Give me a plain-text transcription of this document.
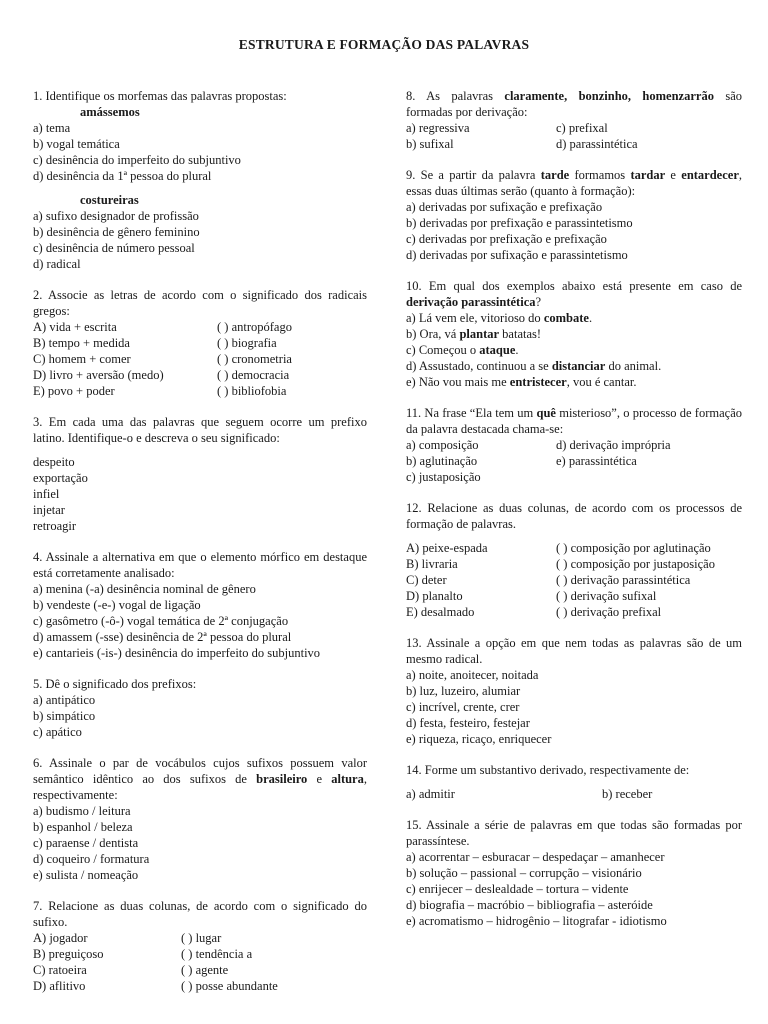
ESTRUTURA E FORMAÇÃO DAS PALAVRAS
1. Identifique os morfemas das palavras propostas:
amássemos
a) tema
b) vogal temática
c) desinência do imperfeito do subjuntivo
d) desinência da 1ª pessoa do plural
costureiras
a) sufixo designador de profissão
b) desinência de gênero feminino
c) desinência de número pessoal
d) radical
2. Associe as letras de acordo com o significado dos radicais gregos:
A) vida + escrita	( ) antropófago
B) tempo + medida	( ) biografia
C) homem + comer	( ) cronometria
D) livro + aversão (medo)	( ) democracia
E) povo + poder	( ) bibliofobia
3. Em cada uma das palavras que seguem ocorre um prefixo latino. Identifique-o e descreva o seu significado:
despeito
exportação
infiel
injetar
retroagir
4. Assinale a alternativa em que o elemento mórfico em destaque está corretamente analisado:
a) menina (-a) desinência nominal de gênero
b) vendeste (-e-) vogal de ligação
c) gasômetro (-ô-) vogal temática de 2ª conjugação
d) amassem (-sse) desinência de 2ª pessoa do plural
e) cantarieis (-is-) desinência do imperfeito do subjuntivo
5. Dê o significado dos prefixos:
a) antipático
b) simpático
c) apático
6. Assinale o par de vocábulos cujos sufixos possuem valor semântico idêntico ao dos sufixos de brasileiro e altura, respectivamente:
a) budismo / leitura
b) espanhol / beleza
c) paraense / dentista
d) coqueiro / formatura
e) sulista / nomeação
7. Relacione as duas colunas, de acordo com o significado do sufixo.
A) jogador	( ) lugar
B) preguiçoso	( ) tendência a
C) ratoeira	( ) agente
D) aflitivo	( ) posse abundante
8. As palavras claramente, bonzinho, homenzarrão são formadas por derivação:
a) regressiva	c) prefixal
b) sufixal	d) parassintética
9. Se a partir da palavra tarde formamos tardar e entardecer, essas duas últimas serão (quanto à formação):
a) derivadas por sufixação e prefixação
b) derivadas por prefixação e parassintetismo
c) derivadas por prefixação e prefixação
d) derivadas por sufixação e parassintetismo
10. Em qual dos exemplos abaixo está presente em caso de derivação parassintética?
a) Lá vem ele, vitorioso do combate.
b) Ora, vá plantar batatas!
c) Começou o ataque.
d) Assustado, continuou a se distanciar do animal.
e) Não vou mais me entristecer, vou é cantar.
11. Na frase “Ela tem um quê misterioso”, o processo de formação da palavra destacada chama-se:
a) composição	d) derivação imprópria
b) aglutinação	e) parassintética
c) justaposição
12. Relacione as duas colunas, de acordo com os processos de formação de palavras.
A) peixe-espada	( ) composição por aglutinação
B) livraria	( ) composição por justaposição
C) deter	( ) derivação parassintética
D) planalto	( ) derivação sufixal
E) desalmado	( ) derivação prefixal
13. Assinale a opção em que nem todas as palavras são de um mesmo radical.
a) noite, anoitecer, noitada
b) luz, luzeiro, alumiar
c) incrível, crente, crer
d) festa, festeiro, festejar
e) riqueza, ricaço, enriquecer
14. Forme um substantivo derivado, respectivamente de:
a) admitir	b) receber
15. Assinale a série de palavras em que todas são formadas por parassíntese.
a) acorrentar – esburacar – despedaçar – amanhecer
b) solução – passional – corrupção – visionário
c) enrijecer – deslealdade – tortura – vidente
d) biografia – macróbio – bibliografia – asteróide
e) acromatismo – hidrogênio – litografar - idiotismo
